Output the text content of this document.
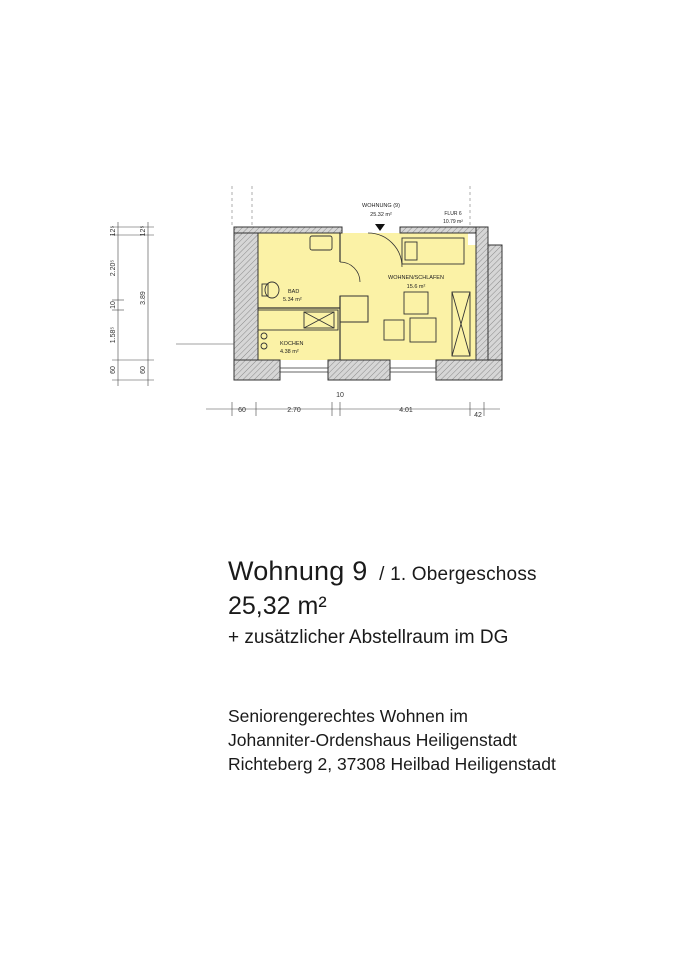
WOHNUNG (9)
25.32 m²	FLUR 6
10.79 m²
BAD
5.34 m²
WOHNEN/SCHLAFEN
15.6 m²
KOCHEN
4.38 m²
60	2.70
10
4.01
42
12⁵
2.20⁵
10
1.58⁵
60
12⁵
3.89
60
Wohnung 9 / 1. Obergeschoss
25,32 m²
+ zusätzlicher Abstellraum im DG
Seniorengerechtes Wohnen im
Johanniter-Ordenshaus Heiligenstadt
Richteberg 2, 37308 Heilbad Heiligenstadt
